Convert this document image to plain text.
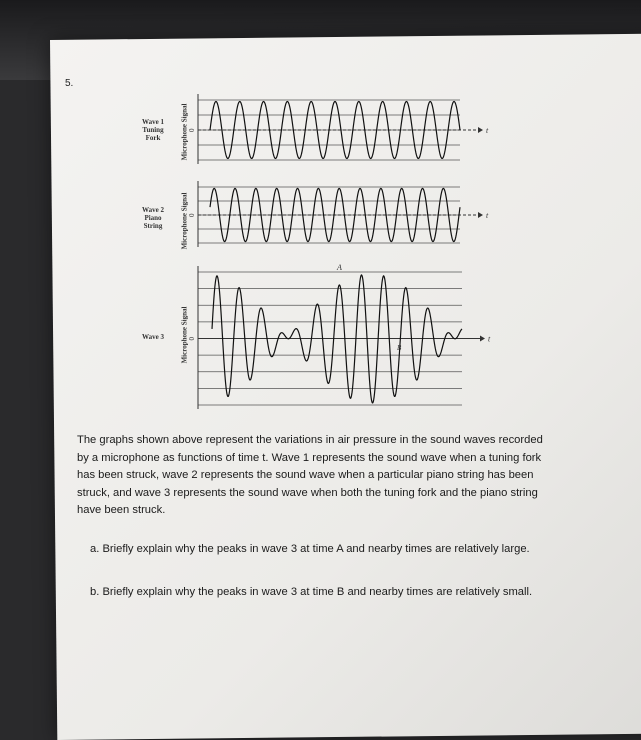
5.
Wave 1
Tuning
Fork
Wave 2
Piano
String
Wave 3
Microphone Signal
Microphone Signal
Microphone Signal
t
0
t
0
t
0
A
B
The graphs shown above represent the variations in air pressure in the sound waves recorded by a microphone as functions of time t. Wave 1 represents the sound wave when a tuning fork has been struck, wave 2 represents the sound wave when a particular piano string has been struck, and wave 3 represents the sound wave when both the tuning fork and the piano string have been struck.
a. Briefly explain why the peaks in wave 3 at time A and nearby times are relatively large.
b. Briefly explain why the peaks in wave 3 at time B and nearby times are relatively small.
